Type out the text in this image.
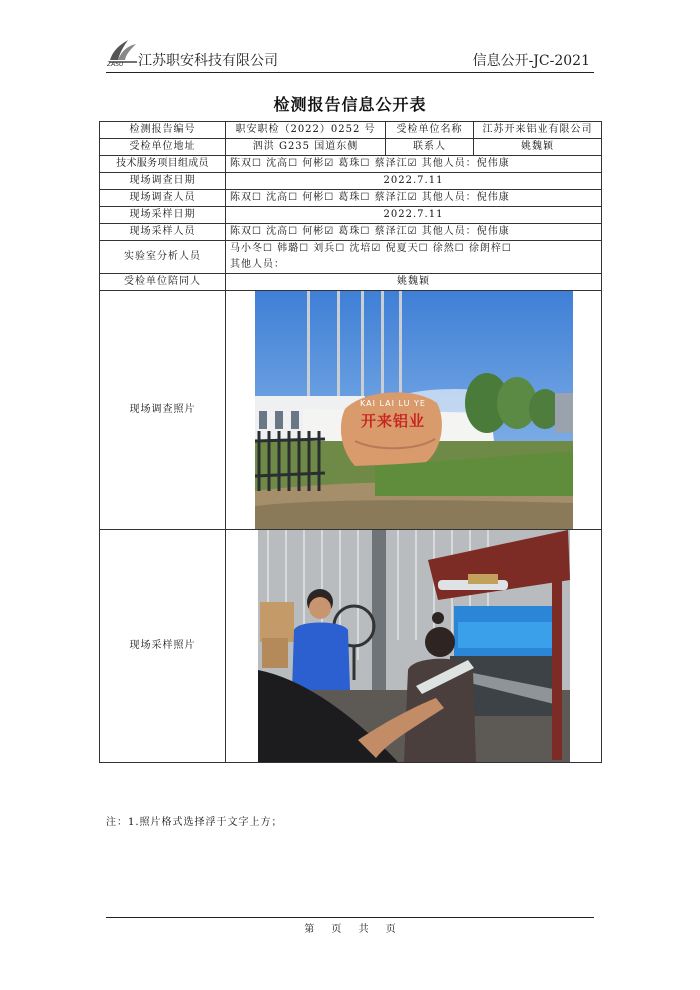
ZASU 江苏职安科技有限公司	信息公开-JC-2021
检测报告信息公开表
检测报告编号	职安职检（2022）0252 号	受检单位名称	江苏开来铝业有限公司
受检单位地址	泗洪 G235 国道东侧	联系人	姚魏颖
技术服务项目组成员	陈双☐ 沈高☐ 何彬☑ 葛珠☐ 蔡泽江☑ 其他人员：倪伟康		
现场调查日期	2022.7.11		
现场调查人员	陈双☐ 沈高☐ 何彬☐ 葛珠☐ 蔡泽江☑ 其他人员：倪伟康		
现场采样日期	2022.7.11		
现场采样人员	陈双☐ 沈高☐ 何彬☑ 葛珠☐ 蔡泽江☑ 其他人员：倪伟康		
实验室分析人员	马小冬☐ 韩璐☐ 刘兵☐ 沈培☑ 倪夏天☐ 徐然☐ 徐朗梓☐
其他人员：		

受检单位陪同人	姚魏颖		
现场调查照片	KAI LAI LU YE
开来铝业		

现场采样照片	
注：1.照片格式选择浮于文字上方；
第 页 共 页
